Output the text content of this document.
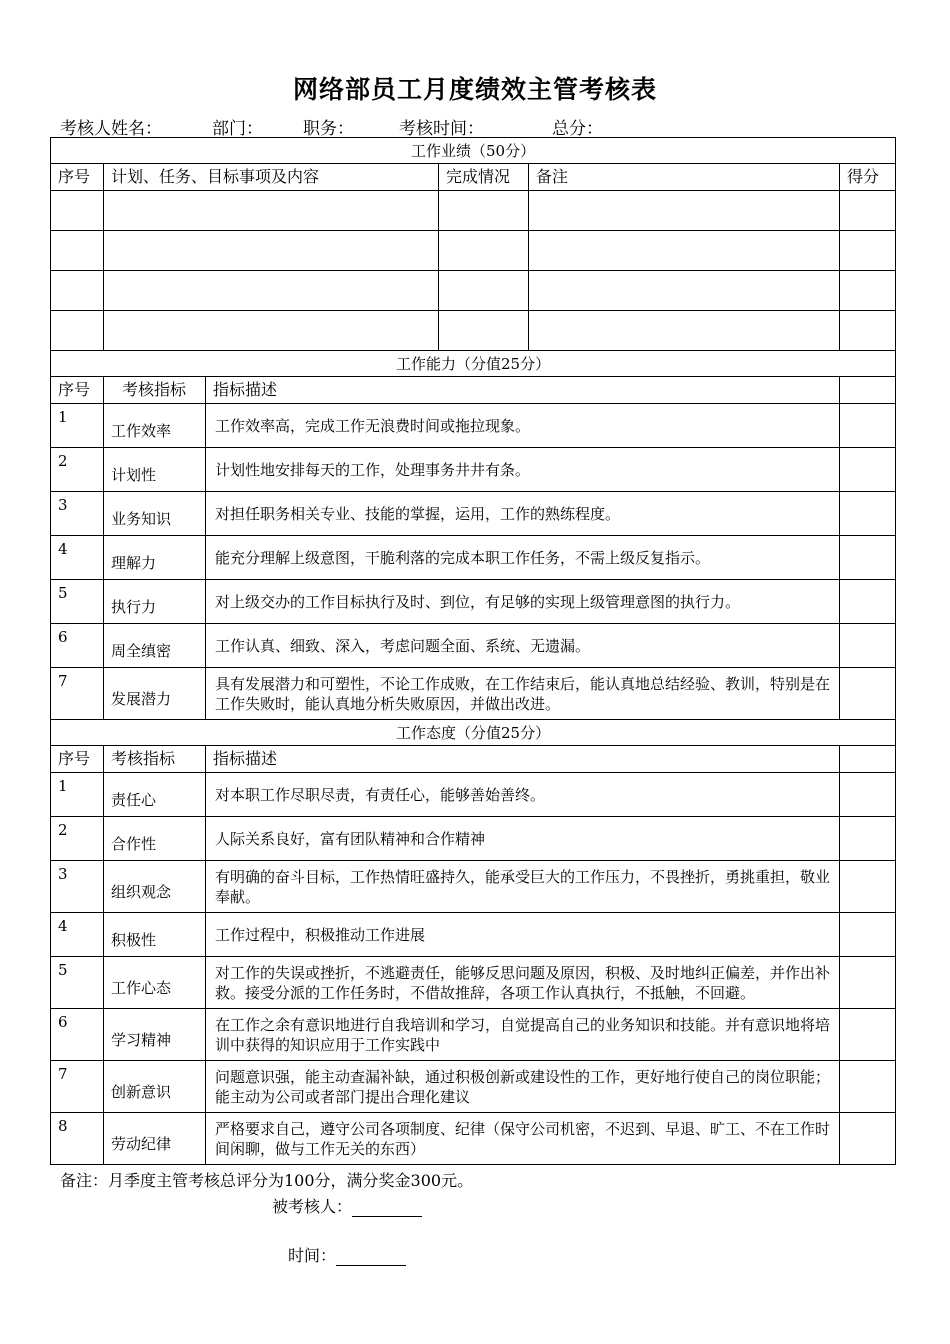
网络部员工月度绩效主管考核表
考核人姓名：	部门： 职务：	考核时间：	总分：
工作业绩（50分）					
序号	计划、任务、目标事项及内容		完成情况	备注	得分

工作能力（分值25分）					
序号	考核指标	指标描述			
1	工作效率	工作效率高，完成工作无浪费时间或拖拉现象。			
2	计划性	计划性地安排每天的工作，处理事务井井有条。			
3	业务知识	对担任职务相关专业、技能的掌握，运用，工作的熟练程度。			
4	理解力	能充分理解上级意图，干脆利落的完成本职工作任务，不需上级反复指示。			
5	执行力	对上级交办的工作目标执行及时、到位，有足够的实现上级管理意图的执行力。			
6	周全缜密	工作认真、细致、深入，考虑问题全面、系统、无遗漏。			
7	发展潜力	具有发展潜力和可塑性，不论工作成败，在工作结束后，能认真地总结经验、教训，特别是在工作失败时，能认真地分析失败原因，并做出改进。			
工作态度（分值25分）					
序号	考核指标	指标描述			
1	责任心	对本职工作尽职尽责，有责任心，能够善始善终。			
2	合作性	人际关系良好，富有团队精神和合作精神			
3	组织观念	有明确的奋斗目标，工作热情旺盛持久，能承受巨大的工作压力，不畏挫折，勇挑重担，敬业奉献。			
4	积极性	工作过程中，积极推动工作进展			
5	工作心态	对工作的失误或挫折，不逃避责任，能够反思问题及原因，积极、及时地纠正偏差，并作出补救。接受分派的工作任务时，不借故推辞，各项工作认真执行，不抵触，不回避。			
6	学习精神	在工作之余有意识地进行自我培训和学习，自觉提高自己的业务知识和技能。并有意识地将培训中获得的知识应用于工作实践中			
7	创新意识	问题意识强，能主动查漏补缺，通过积极创新或建设性的工作，更好地行使自己的岗位职能；能主动为公司或者部门提出合理化建议			
8	劳动纪律	严格要求自己，遵守公司各项制度、纪律（保守公司机密，不迟到、早退、旷工、不在工作时间闲聊，做与工作无关的东西）			
备注：月季度主管考核总评分为100分，满分奖金300元。
被考核人：
时间：
